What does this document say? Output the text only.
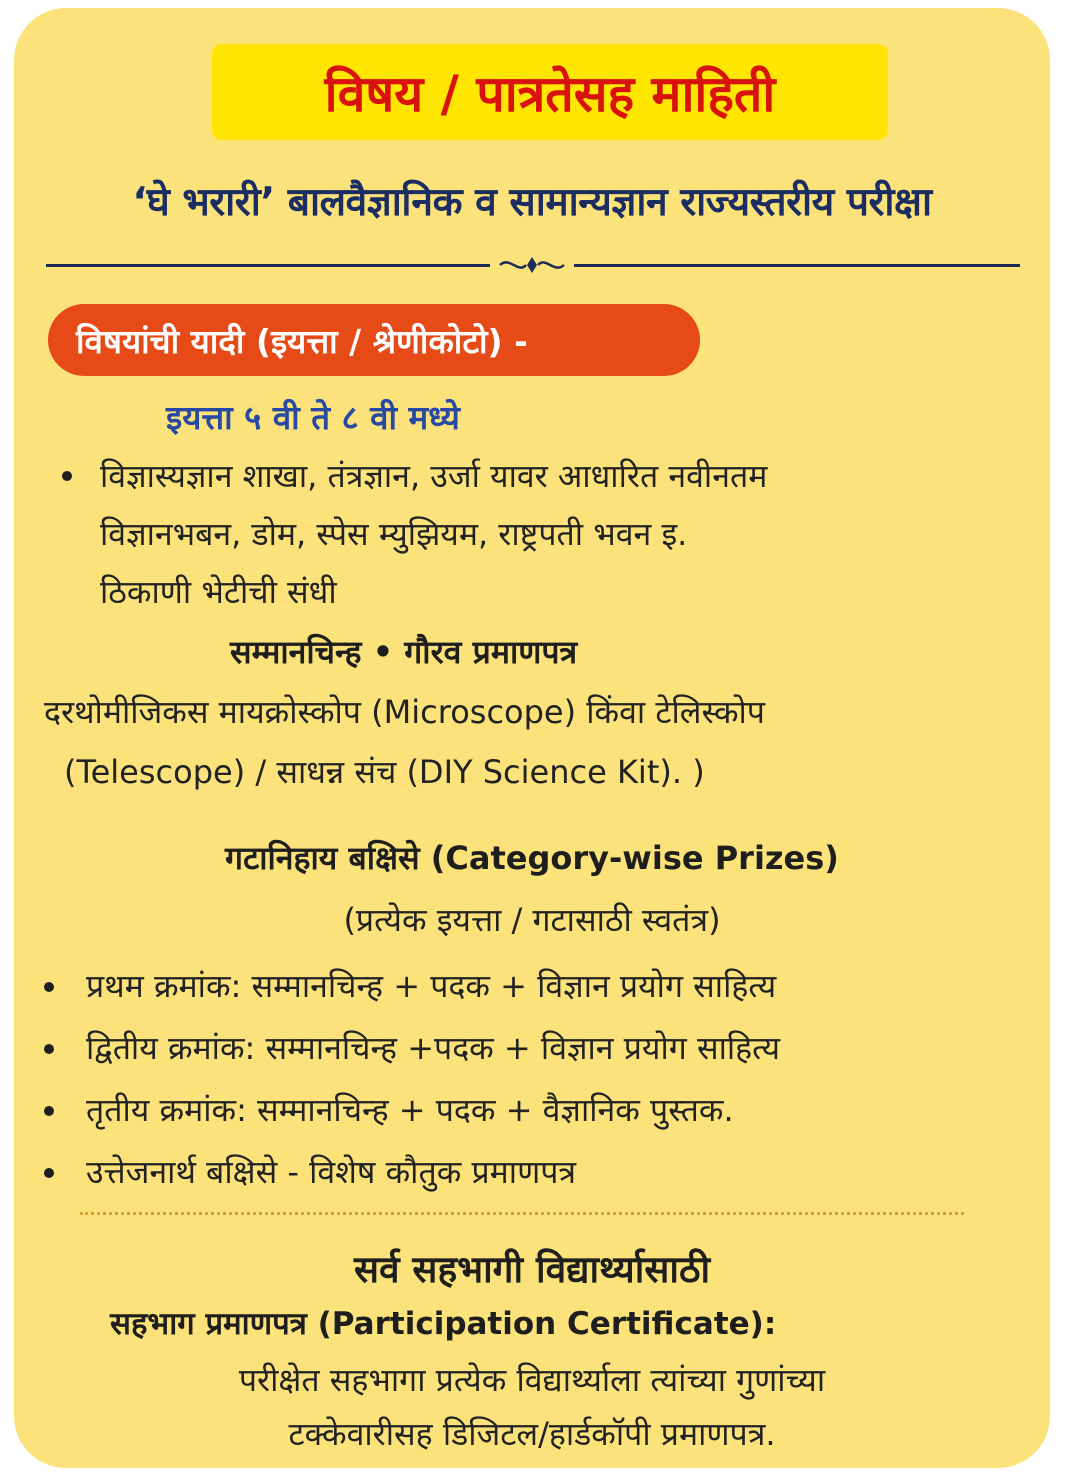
विषय / पात्रतेसह माहिती
‘घे भरारी’ बालवैज्ञानिक व सामान्यज्ञान राज्यस्तरीय परीक्षा
विषयांची यादी (इयत्ता / श्रेणीकोटो) -
इयत्ता ५ वी ते ८ वी मध्ये
विज्ञास्यज्ञान शाखा, तंत्रज्ञान, उर्जा यावर आधारित नवीनतम
विज्ञानभबन, डोम, स्पेस म्युझियम, राष्ट्रपती भवन इ.
ठिकाणी भेटीची संधी
सम्मानचिन्ह • गौरव प्रमाणपत्र
दरथोमीजिकस मायक्रोस्कोप (Microscope) किंवा टेलिस्कोप
(Telescope) / साधन्न संच (DIY Science Kit). )
गटानिहाय बक्षिसे (Category-wise Prizes)
(प्रत्येक इयत्ता / गटासाठी स्वतंत्र)
प्रथम क्रमांक: सम्मानचिन्ह + पदक + विज्ञान प्रयोग साहित्य
द्वितीय क्रमांक: सम्मानचिन्ह +पदक + विज्ञान प्रयोग साहित्य
तृतीय क्रमांक: सम्मानचिन्ह + पदक + वैज्ञानिक पुस्तक.
उत्तेजनार्थ बक्षिसे - विशेष कौतुक प्रमाणपत्र
सर्व सहभागी विद्यार्थ्यासाठी
सहभाग प्रमाणपत्र (Participation Certificate):
परीक्षेत सहभागा प्रत्येक विद्यार्थ्याला त्यांच्या गुणांच्या
टक्केवारीसह डिजिटल/हार्डकॉपी प्रमाणपत्र.
